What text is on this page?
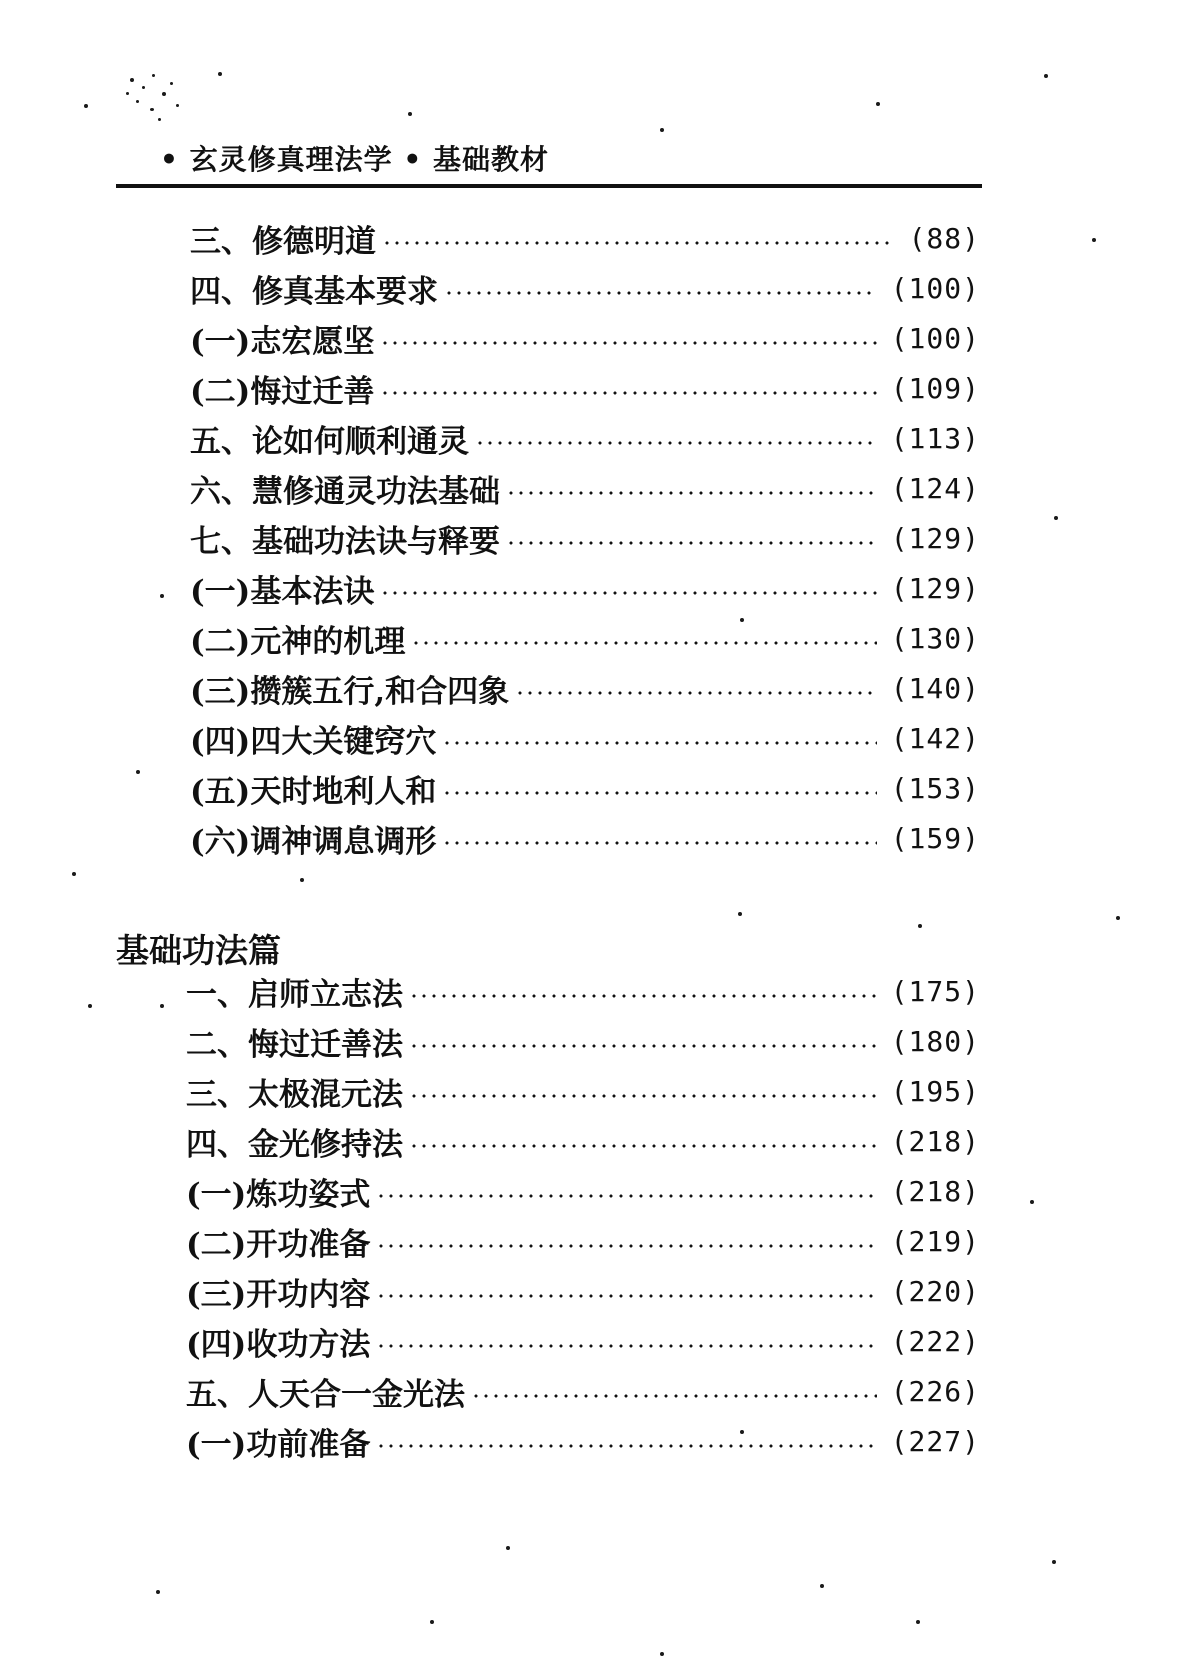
• 玄灵修真理法学 • 基础教材
三、修德明道	(88)
四、修真基本要求	(100)
(一)志宏愿坚	(100)
(二)悔过迁善	(109)
五、论如何顺利通灵	(113)
六、慧修通灵功法基础	(124)
七、基础功法诀与释要	(129)
(一)基本法诀	(129)
(二)元神的机理	(130)
(三)攒簇五行,和合四象	(140)
(四)四大关键窍穴	(142)
(五)天时地利人和	(153)
(六)调神调息调形	(159)
基础功法篇
一、启师立志法	(175)
二、悔过迁善法	(180)
三、太极混元法	(195)
四、金光修持法	(218)
(一)炼功姿式	(218)
(二)开功准备	(219)
(三)开功内容	(220)
(四)收功方法	(222)
五、人天合一金光法	(226)
(一)功前准备	(227)
